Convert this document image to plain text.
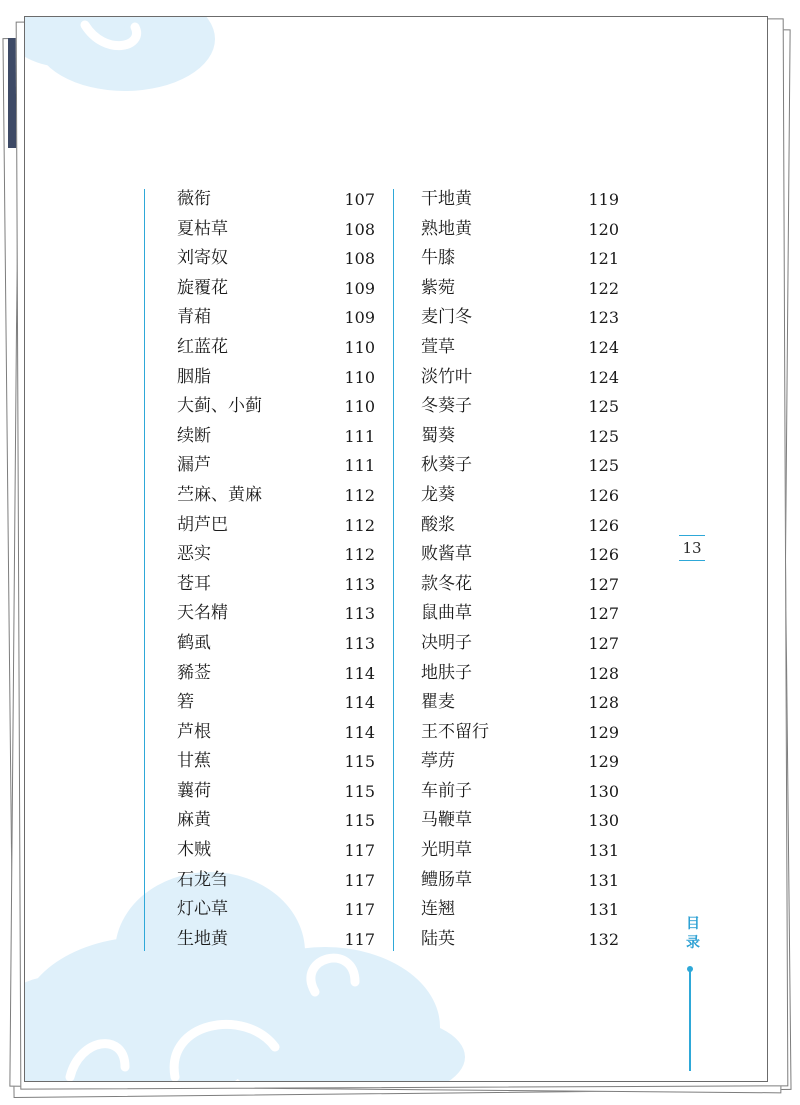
薇衔	107
夏枯草	108
刘寄奴	108
旋覆花	109
青葙	109
红蓝花	110
胭脂	110
大蓟、小蓟	110
续断	111
漏芦	111
苎麻、黄麻	112
胡芦巴	112
恶实	112
苍耳	113
天名精	113
鹤虱	113
豨莶	114
箬	114
芦根	114
甘蕉	115
蘘荷	115
麻黄	115
木贼	117
石龙刍	117
灯心草	117
生地黄	117
干地黄	119
熟地黄	120
牛膝	121
紫菀	122
麦门冬	123
萱草	124
淡竹叶	124
冬葵子	125
蜀葵	125
秋葵子	125
龙葵	126
酸浆	126
败酱草	126
款冬花	127
鼠曲草	127
决明子	127
地肤子	128
瞿麦	128
王不留行	129
葶苈	129
车前子	130
马鞭草	130
光明草	131
鳢肠草	131
连翘	131
陆英	132
13
目
录
